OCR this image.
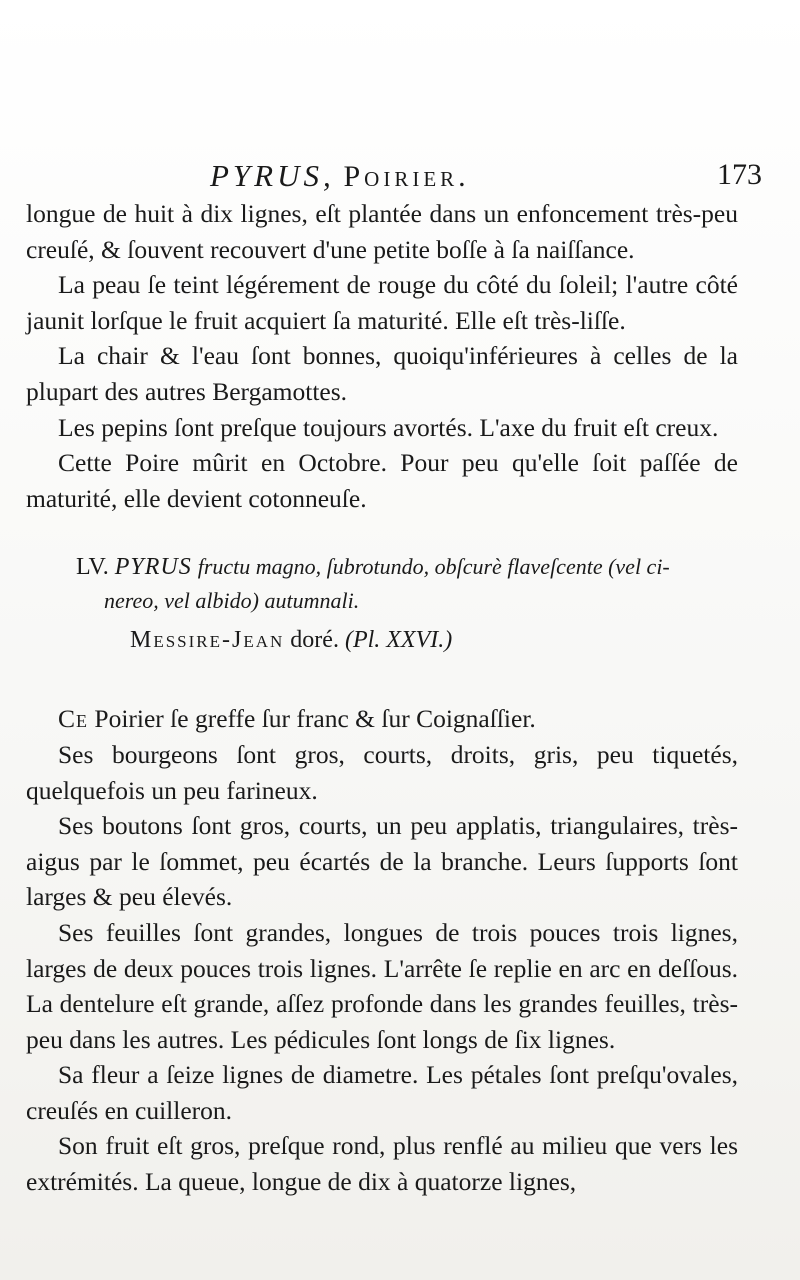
PYRUS, Poirier.	173

longue de huit à dix lignes, eſt plantée dans un enfoncement très-peu creuſé, & ſouvent recouvert d'une petite boſſe à ſa naiſſance.

La peau ſe teint légérement de rouge du côté du ſoleil; l'autre côté jaunit lorſque le fruit acquiert ſa maturité. Elle eſt très-liſſe.

La chair & l'eau ſont bonnes, quoiqu'inférieures à celles de la plupart des autres Bergamottes.

Les pepins ſont preſque toujours avortés. L'axe du fruit eſt creux.

Cette Poire mûrit en Octobre. Pour peu qu'elle ſoit paſſée de maturité, elle devient cotonneuſe.

LV. PYRUS fructu magno, ſubrotundo, obſcurè flaveſcente (vel ci-
nereo, vel albido) autumnali.

Messire-Jean doré. (Pl. XXVI.)

Ce Poirier ſe greffe ſur franc & ſur Coignaſſier.

Ses bourgeons ſont gros, courts, droits, gris, peu tiquetés, quelquefois un peu farineux.

Ses boutons ſont gros, courts, un peu applatis, triangulaires, très-aigus par le ſommet, peu écartés de la branche. Leurs ſupports ſont larges & peu élevés.

Ses feuilles ſont grandes, longues de trois pouces trois lignes, larges de deux pouces trois lignes. L'arrête ſe replie en arc en deſſous. La dentelure eſt grande, aſſez profonde dans les grandes feuilles, très-peu dans les autres. Les pédicules ſont longs de ſix lignes.

Sa fleur a ſeize lignes de diametre. Les pétales ſont preſqu'ovales, creuſés en cuilleron.

Son fruit eſt gros, preſque rond, plus renflé au milieu que vers les extrémités. La queue, longue de dix à quatorze lignes,
